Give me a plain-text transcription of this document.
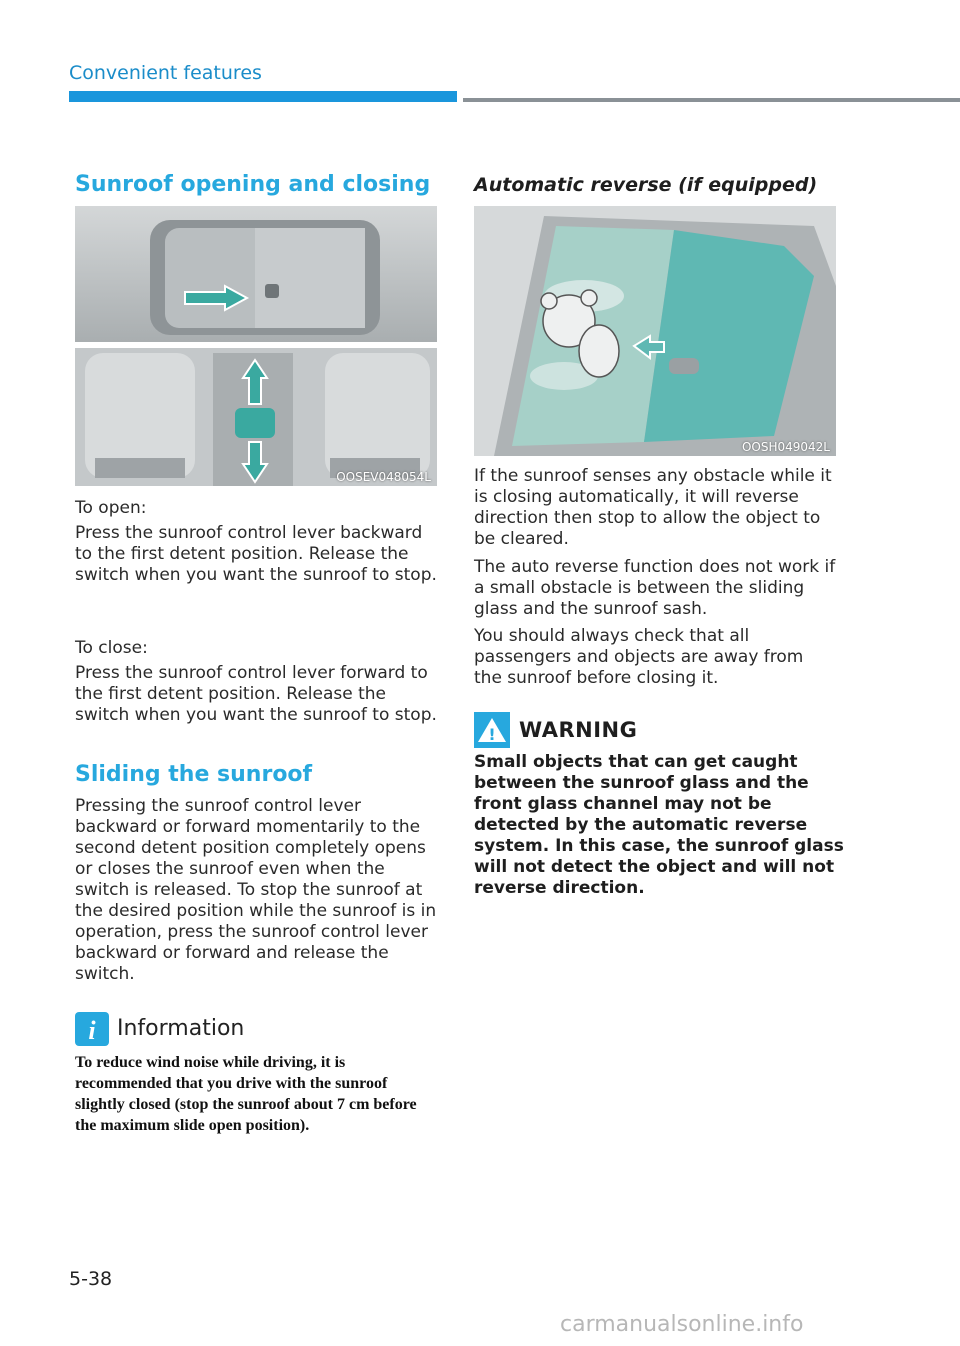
Convenient features
Sunroof opening and closing
OOSEV048054L
To open:
Press the sunroof control lever backward to the first detent position. Release the switch when you want the sunroof to stop.
To close:
Press the sunroof control lever forward to the first detent position. Release the switch when you want the sunroof to stop.
Sliding the sunroof
Pressing the sunroof control lever backward or forward momentarily to the second detent position completely opens or closes the sunroof even when the switch is released. To stop the sunroof at the desired position while the sunroof is in operation, press the sunroof control lever backward or forward and release the switch.
i Information
To reduce wind noise while driving, it is recommended that you drive with the sunroof slightly closed (stop the sunroof about 7 cm before the maximum slide open position).
Automatic reverse (if equipped)
OOSH049042L
If the sunroof senses any obstacle while it is closing automatically, it will reverse direction then stop to allow the object to be cleared.
The auto reverse function does not work if a small obstacle is between the sliding glass and the sunroof sash.
You should always check that all passengers and objects are away from the sunroof before closing it.
! WARNING
Small objects that can get caught between the sunroof glass and the front glass channel may not be detected by the automatic reverse system. In this case, the sunroof glass will not detect the object and will not reverse direction.
5-38
carmanualsonline.info
